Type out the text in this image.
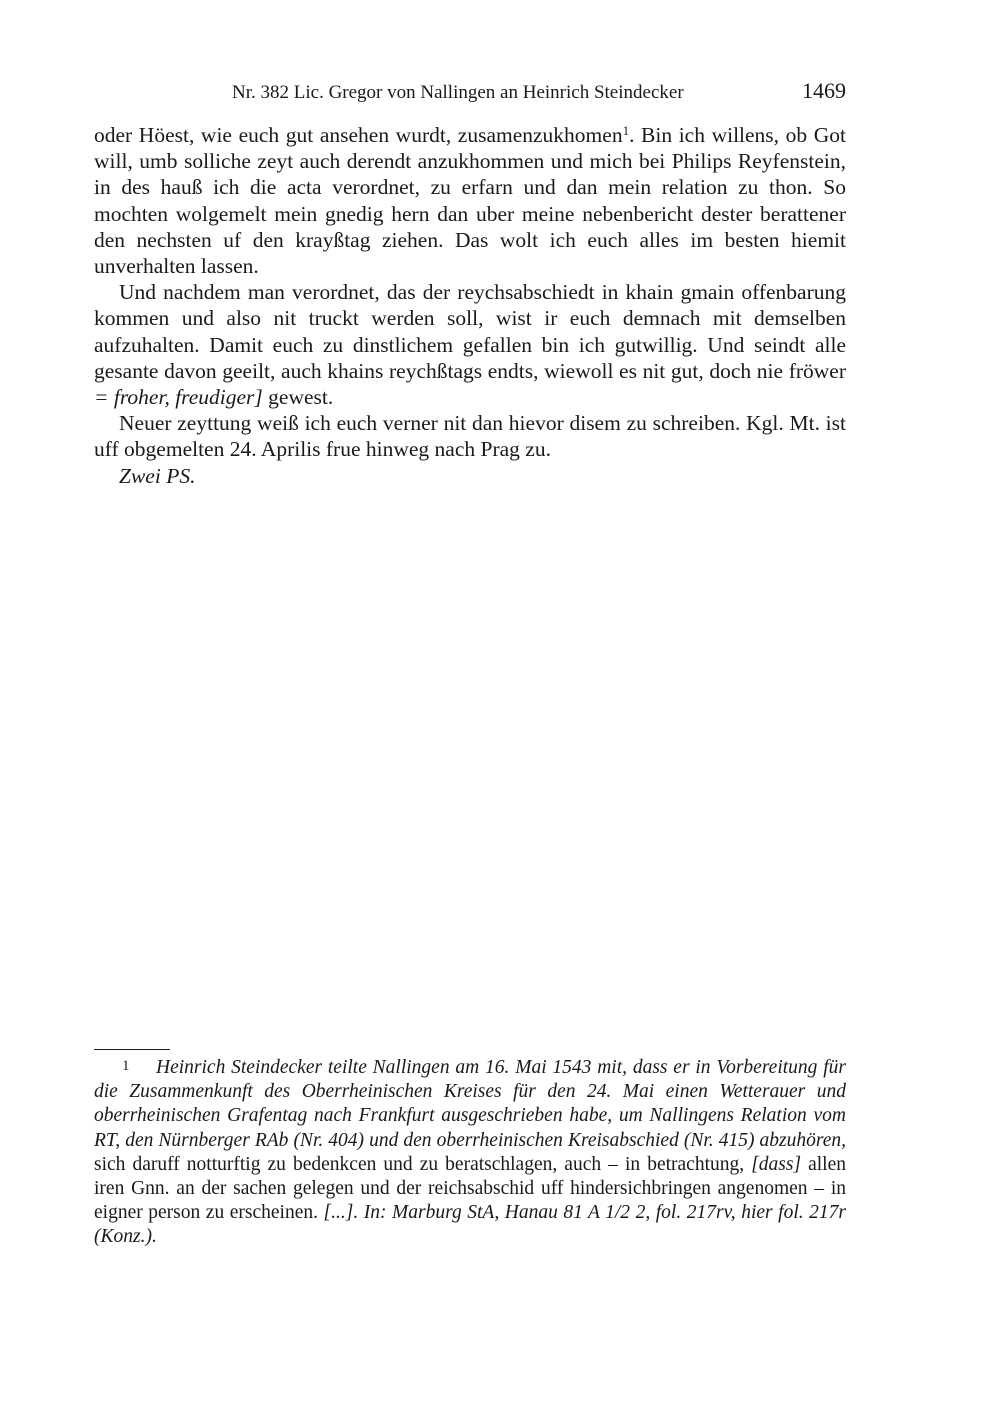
Nr. 382 Lic. Gregor von Nallingen an Heinrich Steindecker	1469

oder Höest, wie euch gut ansehen wurdt, zusamenzukhomen$^1$. Bin ich willens, ob Got will, umb solliche zeyt auch derendt anzukhommen und mich bei Philips Reyfenstein, in des hauß ich die acta verordnet, zu erfarn und dan mein relation zu thon. So mochten wolgemelt mein gnedig hern dan uber meine nebenbericht dester berattener den nechsten uf den krayßtag ziehen. Das wolt ich euch alles im besten hiemit unverhalten lassen.

Und nachdem man verordnet, das der reychsabschiedt in khain gmain offenbarung kommen und also nit truckt werden soll, wist ir euch demnach mit demselben aufzuhalten. Damit euch zu dinstlichem gefallen bin ich gutwillig. Und seindt alle gesante davon geeilt, auch khains reychßtags endts, wiewoll es nit gut, doch nie fröwer = froher, freudiger] gewest.

Neuer zeyttung weiß ich euch verner nit dan hievor disem zu schreiben. Kgl. Mt. ist uff obgemelten 24. Aprilis frue hinweg nach Prag zu.

Zwei PS.

1 Heinrich Steindecker teilte Nallingen am 16. Mai 1543 mit, dass er in Vorbereitung für die Zusammenkunft des Oberrheinischen Kreises für den 24. Mai einen Wetterauer und oberrheinischen Grafentag nach Frankfurt ausgeschrieben habe, um Nallingens Relation vom RT, den Nürnberger RAb (Nr. 404) und den oberrheinischen Kreisabschied (Nr. 415) abzuhören, sich daruff notturftig zu bedenkcen und zu beratschlagen, auch – in betrachtung, [dass] allen iren Gnn. an der sachen gelegen und der reichsabschid uff hindersichbringen angenomen – in eigner person zu erscheinen. [...]. In: Marburg StA, Hanau 81 A 1/2 2, fol. 217rv, hier fol. 217r (Konz.).
